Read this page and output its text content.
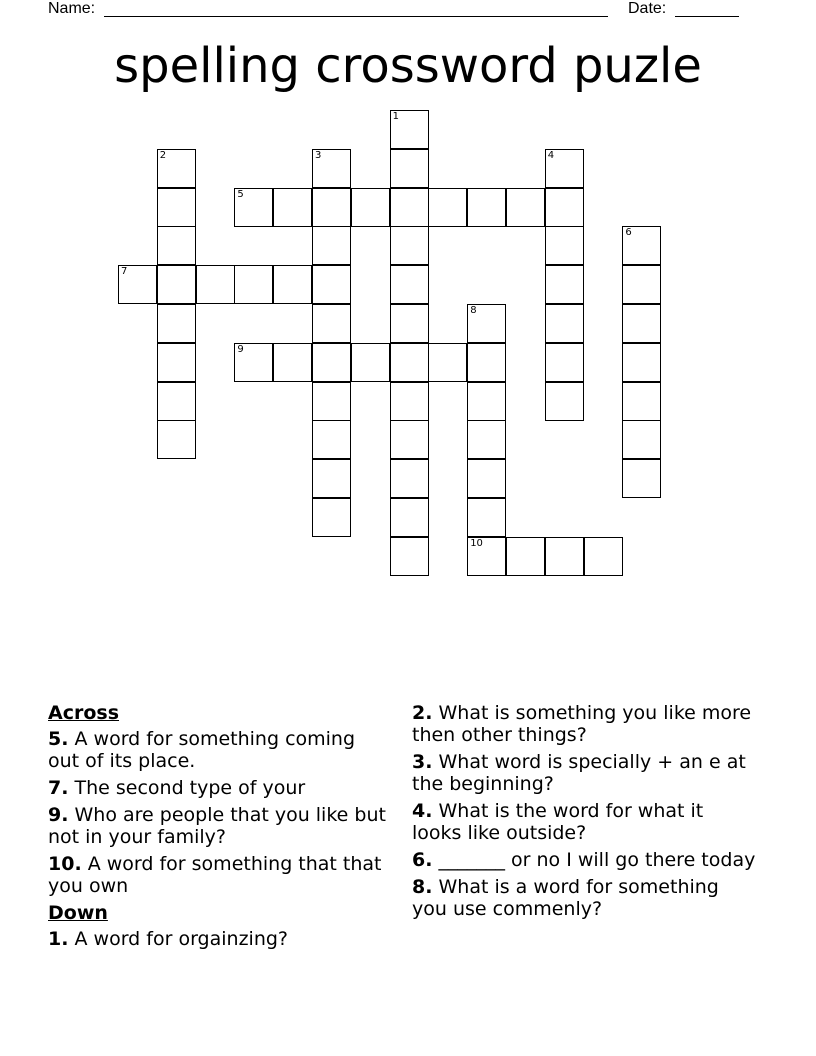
Name:	Date:
spelling crossword puzle
1
2	3	4
5
6
7
8
10
9
Across
5. A word for something coming out of its place.
7. The second type of your
9. Who are people that you like but not in your family?
10. A word for something that that you own
Down
1. A word for orgainzing?
2. What is something you like more then other things?
3. What word is specially + an e at the beginning?
4. What is the word for what it looks like outside?
6. _______ or no I will go there today
8. What is a word for something you use commenly?
